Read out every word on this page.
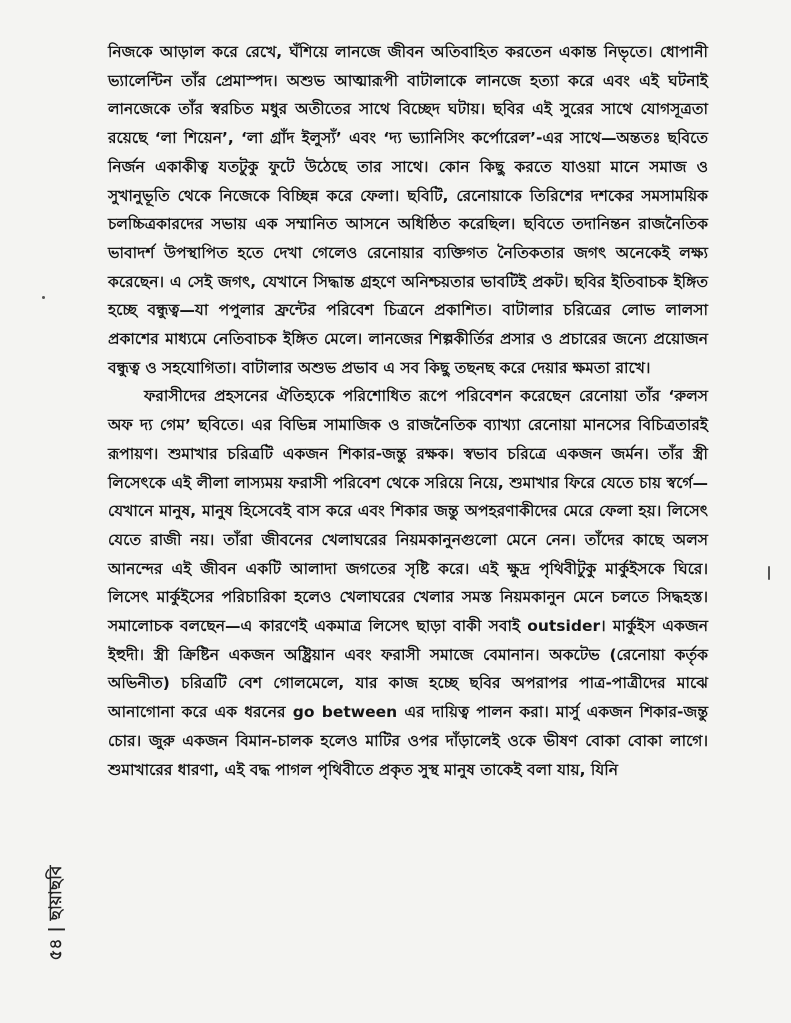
নিজকে আড়াল করে রেখে, ঘঁশিয়ে লানজে জীবন অতিবাহিত করতেন একান্ত নিভৃতে। ধোপানী ভ্যালেন্টিন তাঁর প্রেমাস্পদ। অশুভ আত্মারূপী বাটালাকে লানজে হত্যা করে এবং এই ঘটনাই লানজেকে তাঁর স্বরচিত মধুর অতীতের সাথে বিচ্ছেদ ঘটায়। ছবির এই সুরের সাথে যোগসূত্রতা রয়েছে ‘লা শিয়েন’, ‘লা গ্রাঁদ ইলুস্যঁ’ এবং ‘দ্য ভ্যানিসিং কর্পোরেল’-এর সাথে—অন্ততঃ ছবিতে নির্জন একাকীত্ব যতটুকু ফুটে উঠেছে তার সাথে। কোন কিছু করতে যাওয়া মানে সমাজ ও সুখানুভূতি থেকে নিজেকে বিচ্ছিন্ন করে ফেলা। ছবিটি, রেনোয়াকে তিরিশের দশকের সমসাময়িক চলচ্চিত্রকারদের সভায় এক সম্মানিত আসনে অধিষ্ঠিত করেছিল। ছবিতে তদানিন্তন রাজনৈতিক ভাবাদর্শ উপস্থাপিত হতে দেখা গেলেও রেনোয়ার ব্যক্তিগত নৈতিকতার জগৎ অনেকেই লক্ষ্য করেছেন। এ সেই জগৎ, যেখানে সিদ্ধান্ত গ্রহণে অনিশ্চয়তার ভাবটিই প্রকট। ছবির ইতিবাচক ইঙ্গিত হচ্ছে বন্ধুত্ব—যা পপুলার ফ্রন্টের পরিবেশ চিত্রনে প্রকাশিত। বাটালার চরিত্রের লোভ লালসা প্রকাশের মাধ্যমে নেতিবাচক ইঙ্গিত মেলে। লানজের শিল্পকীর্তির প্রসার ও প্রচারের জন্যে প্রয়োজন বন্ধুত্ব ও সহযোগিতা। বাটালার অশুভ প্রভাব এ সব কিছু তছনছ করে দেয়ার ক্ষমতা রাখে।

ফরাসীদের প্রহসনের ঐতিহ্যকে পরিশোধিত রূপে পরিবেশন করেছেন রেনোয়া তাঁর ‘রুলস অফ দ্য গেম’ ছবিতে। এর বিভিন্ন সামাজিক ও রাজনৈতিক ব্যাখ্যা রেনোয়া মানসের বিচিত্রতারই রূপায়ণ। শুমাখার চরিত্রটি একজন শিকার-জন্তু রক্ষক। স্বভাব চরিত্রে একজন জর্মন। তাঁর স্ত্রী লিসেৎকে এই লীলা লাস্যময় ফরাসী পরিবেশ থেকে সরিয়ে নিয়ে, শুমাখার ফিরে যেতে চায় স্বর্গে—যেখানে মানুষ, মানুষ হিসেবেই বাস করে এবং শিকার জন্তু অপহরণাকীদের মেরে ফেলা হয়। লিসেৎ যেতে রাজী নয়। তাঁরা জীবনের খেলাঘরের নিয়মকানুনগুলো মেনে নেন। তাঁদের কাছে অলস আনন্দের এই জীবন একটি আলাদা জগতের সৃষ্টি করে। এই ক্ষুদ্র পৃথিবীটুকু মার্কুইসকে ঘিরে। লিসেৎ মার্কুইসের পরিচারিকা হলেও খেলাঘরের খেলার সমস্ত নিয়মকানুন মেনে চলতে সিদ্ধহস্ত। সমালোচক বলছেন—এ কারণেই একমাত্র লিসেৎ ছাড়া বাকী সবাই outsider। মার্কুইস একজন ইহুদী। স্ত্রী ক্রিষ্টিন একজন অষ্ট্রিয়ান এবং ফরাসী সমাজে বেমানান। অকটেভ (রেনোয়া কর্তৃক অভিনীত) চরিত্রটি বেশ গোলমেলে, যার কাজ হচ্ছে ছবির অপরাপর পাত্র-পাত্রীদের মাঝে আনাগোনা করে এক ধরনের go between এর দায়িত্ব পালন করা। মার্সু একজন শিকার-জন্তু চোর। জুরু একজন বিমান-চালক হলেও মাটির ওপর দাঁড়ালেই ওকে ভীষণ বোকা বোকা লাগে। শুমাখারের ধারণা, এই বদ্ধ পাগল পৃথিবীতে প্রকৃত সুস্থ মানুষ তাকেই বলা যায়, যিনি

৫৪ | ছায়াছবি
